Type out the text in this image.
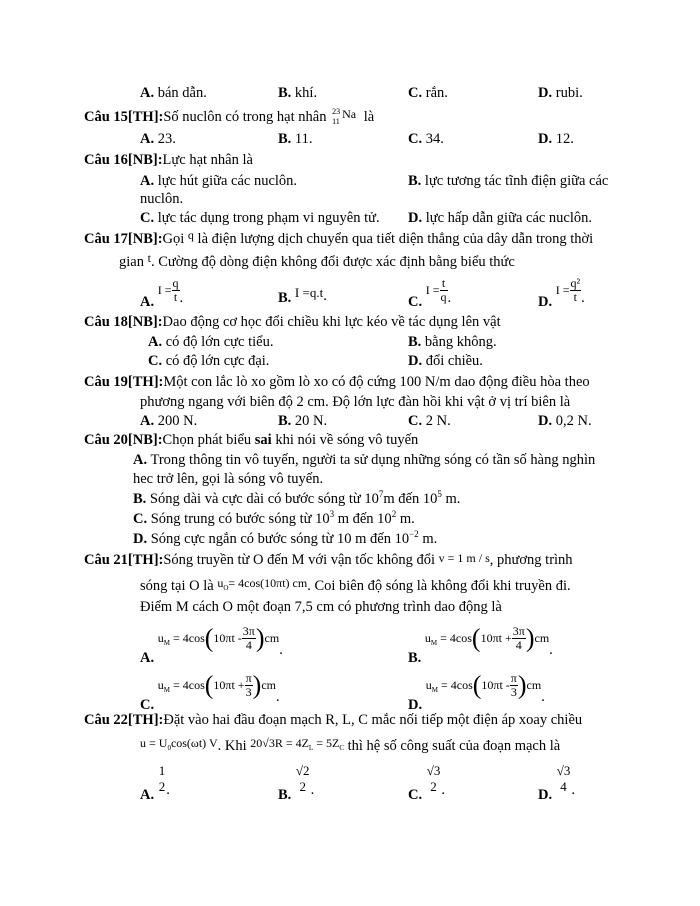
A. bán dẫn.	B. khí.	C. rắn.	D. rubi.
Câu 15[TH]:Số nuclôn có trong hạt nhân 23
11
Na là
A. 23.	B. 11.	C. 34.	D. 12.
Câu 16[NB]:Lực hạt nhân là
A. lực hút giữa các nuclôn.	B. lực tương tác tĩnh điện giữa các
nuclôn.
C. lực tác dụng trong phạm vi nguyên tử. D. lực hấp dẫn giữa các nuclôn.
Câu 17[NB]:Gọi $^q$ là điện lượng dịch chuyển qua tiết diện thẳng của dây dẫn trong thời
gian $^t$. Cường độ dòng điện không đổi được xác định bằng biểu thức
A. $I = \frac{q}{t}$ .	B. I =q.t.	C. $I = \frac{t}{q}$ .	D. $I = \frac{\text{q²}}{t}$ .
Câu 18[NB]:Dao động cơ học đổi chiều khi lực kéo về tác dụng lên vật
A. có độ lớn cực tiểu.	B. bằng không.
C. có độ lớn cực đại.	D. đổi chiều.
Câu 19[TH]:Một con lắc lò xo gồm lò xo có độ cứng 100 N/m dao động điều hòa theo
phương ngang với biên độ 2 cm. Độ lớn lực đàn hồi khi vật ở vị trí biên là
A. 200 N.	B. 20 N.	C. 2 N.	D. 0,2 N.
Câu 20[NB]:Chọn phát biểu sai khi nói về sóng vô tuyến
A. Trong thông tin vô tuyến, người ta sử dụng những sóng có tần số hàng nghìn
hec trở lên, gọi là sóng vô tuyến.
B. Sóng dài và cực dài có bước sóng từ $10^7m$ đến $10^5$ m.
C. Sóng trung có bước sóng từ $10^3$ m đến $10^2$ m.
D. Sóng cực ngắn có bước sóng từ 10 m đến $10^{-2}$ m.
Câu 21[TH]:Sóng truyền từ O đến M với vận tốc không đổi v = 1 m / s, phương trình
sóng tại O là $^{u_O= 4cos(10\pi t) cm}$. Coi biên độ sóng là không đổi khi truyền đi.
Điểm M cách O một đoạn 7,5 cm có phương trình dao động là
A. $u_M = 4\cos(10\pi t - \frac{3\pi}{4} )cm$.	B. $u_M = 4\cos(10\pi t + \frac{3\pi}{4} )cm$.
C. $u_M = 4\cos(10\pi t + \frac{\pi}{3} )cm$.	D. $u_M = 4\cos(10\pi t - \frac{\pi}{3} )cm$.
Câu 22[TH]:Đặt vào hai đầu đoạn mạch R, L, C mắc nối tiếp một điện áp xoay chiều
$^{u = U_0cos(\omega t) V}$. Khi $^{20√3R = 4Z_L = 5Z_C}$ thì hệ số công suất của đoạn mạch là
A.
1
2 .	B.
√2
2 .	C.
√3
2 .	D.
√3
4 .
